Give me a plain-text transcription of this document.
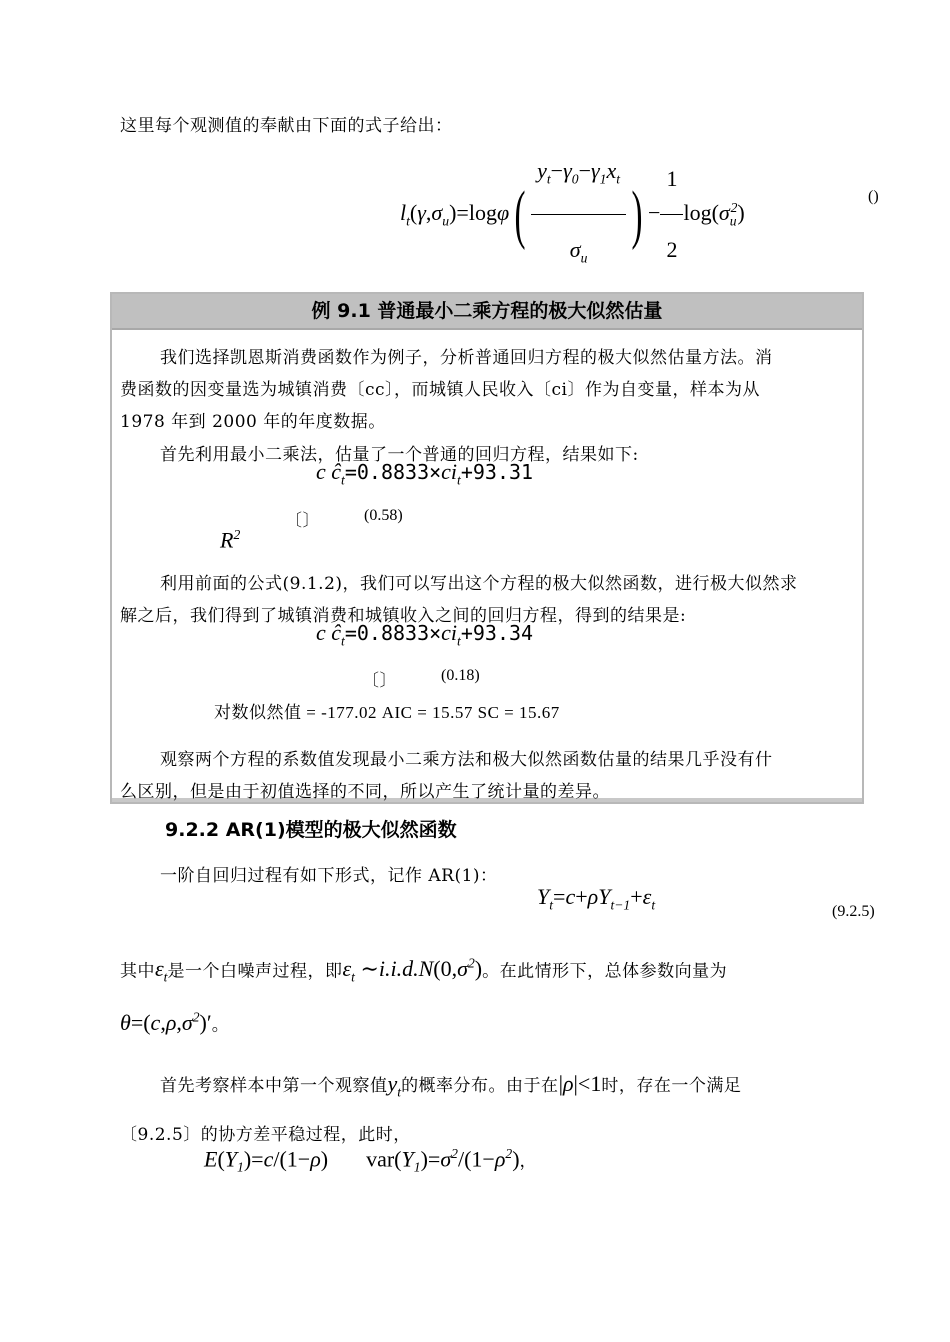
这里每个观测值的奉献由下面的式子给出：
$l_t(\gamma,\sigma_u)=\log\varphi( \frac{y_t-\gamma_0-\gamma_1x_t}{\sigma_u}$ ) − $\frac{1}{2} \log(\sigma_u^2)$
()
例 9.1 普通最小二乘方程的极大似然估量
我们选择凯恩斯消费函数作为例子，分析普通回归方程的极大似然估量方法。消
费函数的因变量选为城镇消费〔cc〕，而城镇人民收入〔ci〕作为自变量，样本为从
1978 年到 2000 年的年度数据。
首先利用最小二乘法，估量了一个普通的回归方程，结果如下:
c $ĉ_t=0.8833\times ci_t+93.31$
〔〕	(0.58)
$R^2$
利用前面的公式(9.1.2)，我们可以写出这个方程的极大似然函数，进行极大似然求
解之后，我们得到了城镇消费和城镇收入之间的回归方程，得到的结果是:
c $ĉ_t=0.8833\times ci_t+93.34$
〔〕	(0.18)
对数似然值 = -177.02 AIC = 15.57 SC = 15.67
观察两个方程的系数值发现最小二乘方法和极大似然函数估量的结果几乎没有什
么区别，但是由于初值选择的不同，所以产生了统计量的差异。
9.2.2 AR(1)模型的极大似然函数
一阶自回归过程有如下形式，记作 AR(1)：
$Y_t=c+\rho Y_{t-1}+\varepsilon_t$	(9.2.5)
其中$\varepsilon_t$是一个白噪声过程，即$\varepsilon_t$ $\sim i.i.d.N(0,\sigma^2)$。在此情形下，总体参数向量为
$\theta=(c,\rho,\sigma^2)'$。
首先考察样本中第一个观察值$y_t$的概率分布。由于在|ρ|<1时，存在一个满足
〔9.2.5〕的协方差平稳过程，此时，
$E(Y_1)=c/(1-\rho)$ $var(Y_1)=\sigma^2/(1-\rho^2)$，
